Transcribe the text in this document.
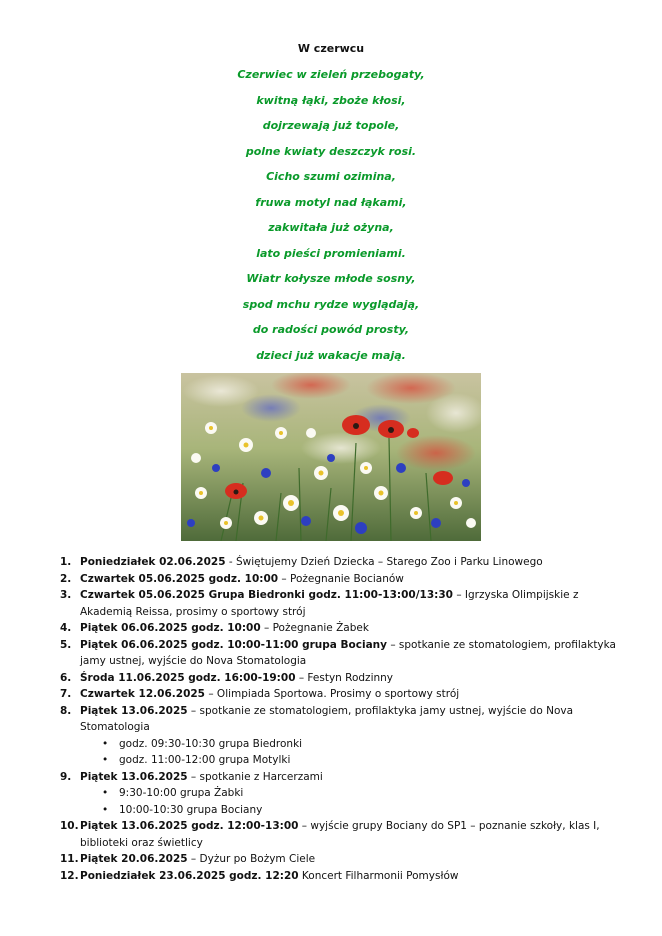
W czerwcu
Czerwiec w zieleń przebogaty,
kwitną łąki, zboże kłosi,
dojrzewają już topole,
polne kwiaty deszczyk rosi.
Cicho szumi ozimina,
fruwa motyl nad łąkami,
zakwitała już ożyna,
lato pieści promieniami.
Wiatr kołysze młode sosny,
spod mchu rydze wyglądają,
do radości powód prosty,
dzieci już wakacje mają.
1. Poniedziałek 02.06.2025 - Świętujemy Dzień Dziecka – Starego Zoo i Parku Linowego
2. Czwartek 05.06.2025 godz. 10:00 – Pożegnanie Bocianów
3. Czwartek 05.06.2025 Grupa Biedronki godz. 11:00-13:00/13:30 – Igrzyska Olimpijskie z Akademią Reissa, prosimy o sportowy strój
4. Piątek 06.06.2025 godz. 10:00 – Pożegnanie Żabek
5. Piątek 06.06.2025 godz. 10:00-11:00 grupa Bociany – spotkanie ze stomatologiem, profilaktyka jamy ustnej, wyjście do Nova Stomatologia
6. Środa 11.06.2025 godz. 16:00-19:00 – Festyn Rodzinny
7. Czwartek 12.06.2025 – Olimpiada Sportowa. Prosimy o sportowy strój
8. Piątek 13.06.2025 – spotkanie ze stomatologiem, profilaktyka jamy ustnej, wyjście do Nova Stomatologia
• godz. 09:30-10:30 grupa Biedronki
• godz. 11:00-12:00 grupa Motylki
9. Piątek 13.06.2025 – spotkanie z Harcerzami
• 9:30-10:00 grupa Żabki
• 10:00-10:30 grupa Bociany
10. Piątek 13.06.2025 godz. 12:00-13:00 – wyjście grupy Bociany do SP1 – poznanie szkoły, klas I, biblioteki oraz świetlicy
11. Piątek 20.06.2025 – Dyżur po Bożym Ciele
12. Poniedziałek 23.06.2025 godz. 12:20 Koncert Filharmonii Pomysłów
